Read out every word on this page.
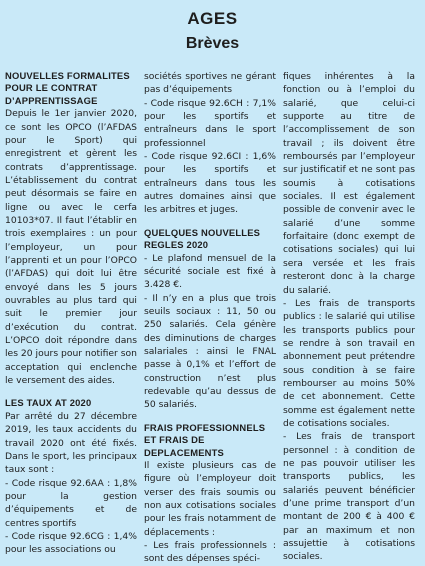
AGES
Brèves
NOUVELLES FORMALITES POUR LE CONTRAT D’APPRENTISSAGE

Depuis le 1er janvier 2020, ce sont les OPCO (l’AFDAS pour le Sport) qui enregistrent et gèrent les contrats d’apprentissage. L’établissement du contrat peut désormais se faire en ligne ou avec le cerfa 10103*07. Il faut l’établir en trois exemplaires : un pour l’employeur, un pour l’apprenti et un pour l’OPCO (l’AFDAS) qui doit lui être envoyé dans les 5 jours ouvrables au plus tard qui suit le premier jour d’exécution du contrat. L’OPCO doit répondre dans les 20 jours pour notifier son acceptation qui enclenche le versement des aides.

LES TAUX AT 2020

Par arrêté du 27 décembre 2019, les taux accidents du travail 2020 ont été fixés. Dans le sport, les principaux taux sont :

- Code risque 92.6AA : 1,8% pour la gestion d’équipements et de centres sportifs

- Code risque 92.6CG : 1,4% pour les associations ou

sociétés sportives ne gérant pas d’équipements

- Code risque 92.6CH : 7,1% pour les sportifs et entraîneurs dans le sport professionnel

- Code risque 92.6CI : 1,6% pour les sportifs et entraîneurs dans tous les autres domaines ainsi que les arbitres et juges.

QUELQUES NOUVELLES REGLES 2020

- Le plafond mensuel de la sécurité sociale est fixé à 3.428 €.

- Il n’y en a plus que trois seuils sociaux : 11, 50 ou 250 salariés. Cela génère des diminutions de charges salariales : ainsi le FNAL passe à 0,1% et l’effort de construction n’est plus redevable qu’au dessus de 50 salariés.

FRAIS PROFESSIONNELS ET FRAIS DE DEPLACEMENTS

Il existe plusieurs cas de figure où l’employeur doit verser des frais soumis ou non aux cotisations sociales pour les frais notamment de déplacements :

- Les frais professionnels : sont des dépenses spéci-

fiques inhérentes à la fonction ou à l’emploi du salarié, que celui-ci supporte au titre de l’accomplissement de son travail ; ils doivent être remboursés par l’employeur sur justificatif et ne sont pas soumis à cotisations sociales. Il est également possible de convenir avec le salarié d’une somme forfaitaire (donc exempt de cotisations sociales) qui lui sera versée et les frais resteront donc à la charge du salarié.

- Les frais de transports publics : le salarié qui utilise les transports publics pour se rendre à son travail en abonnement peut prétendre sous condition à se faire rembourser au moins 50% de cet abonnement. Cette somme est également nette de cotisations sociales.

- Les frais de transport personnel : à condition de ne pas pouvoir utiliser les transports publics, les salariés peuvent bénéficier d’une prime transport d’un montant de 200 € à 400 € par an maximum et non assujettie à cotisations sociales.
